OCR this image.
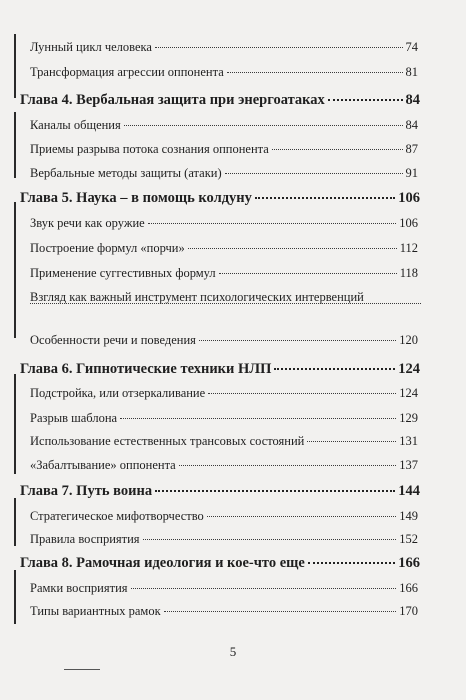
Лунный цикл человека	74
Трансформация агрессии оппонента	81
Глава 4. Вербальная защита при энергоатаках	84
Каналы общения	84
Приемы разрыва потока сознания оппонента	87
Вербальные методы защиты (атаки)	91
Глава 5. Наука – в помощь колдуну	106
Звук речи как оружие	106
Построение формул «порчи»	112
Применение суггестивных формул	118
Взгляд как важный инструмент психологических интервенций
Особенности речи и поведения	120
Глава 6. Гипнотические техники НЛП	124
Подстройка, или отзеркаливание	124
Разрыв шаблона	129
Использование естественных трансовых состояний	131
«Забалтывание» оппонента	137
Глава 7. Путь воина	144
Стратегическое мифотворчество	149
Правила восприятия	152
Глава 8. Рамочная идеология и кое-что еще	166
Рамки восприятия	166
Типы вариантных рамок	170
5
